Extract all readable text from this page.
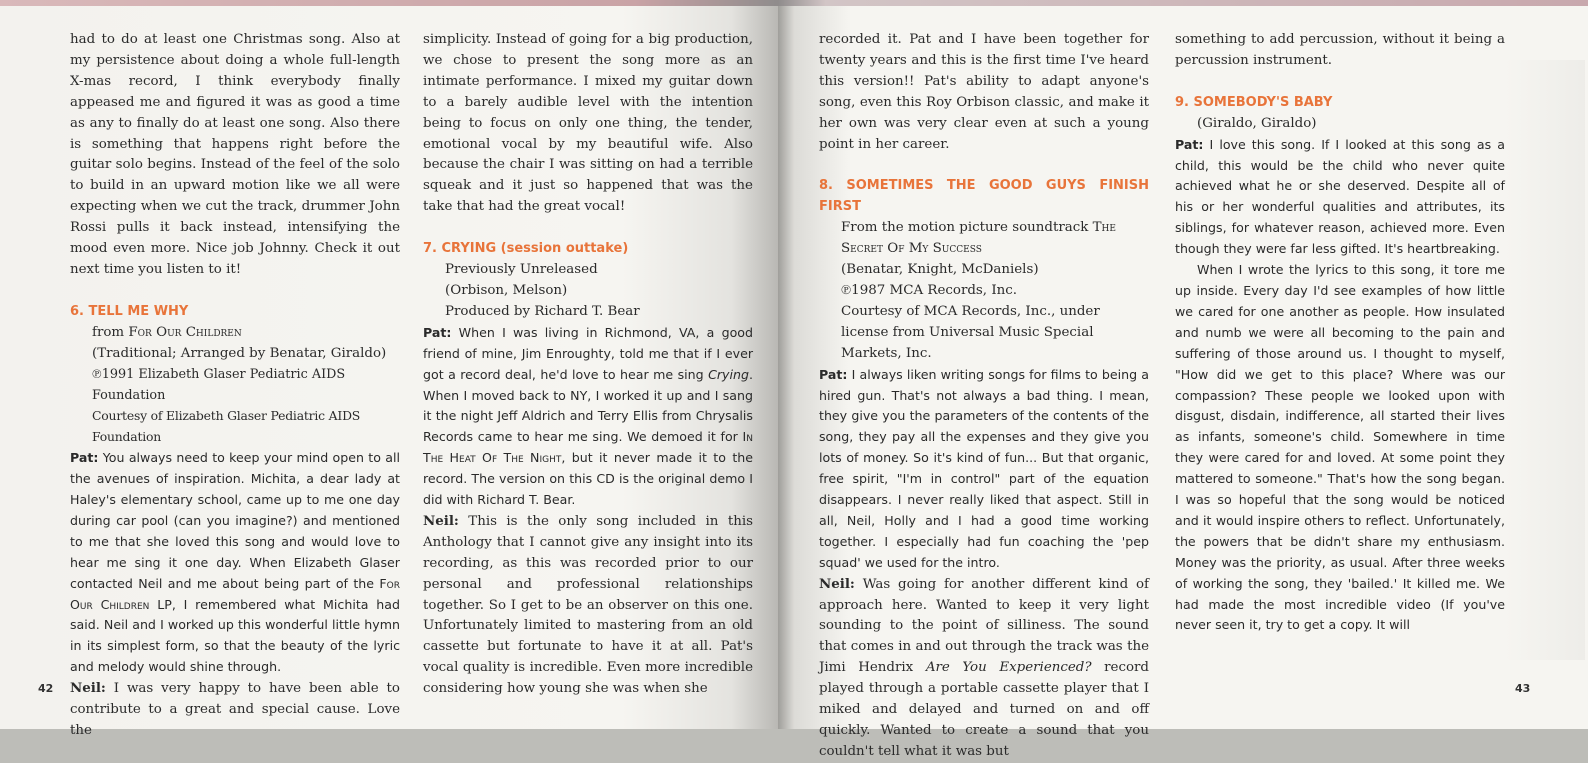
had to do at least one Christmas song. Also at my persistence about doing a whole full-length X-mas record, I think everybody finally appeased me and figured it was as good a time as any to finally do at least one song. Also there is something that happens right before the guitar solo begins. Instead of the feel of the solo to build in an upward motion like we all were expecting when we cut the track, drummer John Rossi pulls it back instead, intensifying the mood even more. Nice job Johnny. Check it out next time you listen to it!

6. TELL ME WHY

from For Our Children

(Traditional; Arranged by Benatar, Giraldo)

℗1991 Elizabeth Glaser Pediatric AIDS Foundation

Courtesy of Elizabeth Glaser Pediatric AIDS Foundation

Pat: You always need to keep your mind open to all the avenues of inspiration. Michita, a dear lady at Haley's elementary school, came up to me one day during car pool (can you imagine?) and mentioned to me that she loved this song and would love to hear me sing it one day. When Elizabeth Glaser contacted Neil and me about being part of the For Our Children LP, I remembered what Michita had said. Neil and I worked up this wonderful little hymn in its simplest form, so that the beauty of the lyric and melody would shine through.

Neil: I was very happy to have been able to contribute to a great and special cause. Love the

simplicity. Instead of going for a big production, we chose to present the song more as an intimate performance. I mixed my guitar down to a barely audible level with the intention being to focus on only one thing, the tender, emotional vocal by my beautiful wife. Also because the chair I was sitting on had a terrible squeak and it just so happened that was the take that had the great vocal!

7. CRYING (session outtake)

Previously Unreleased

(Orbison, Melson)

Produced by Richard T. Bear

Pat: When I was living in Richmond, VA, a good friend of mine, Jim Enroughty, told me that if I ever got a record deal, he'd love to hear me sing Crying. When I moved back to NY, I worked it up and I sang it the night Jeff Aldrich and Terry Ellis from Chrysalis Records came to hear me sing. We demoed it for In The Heat Of The Night, but it never made it to the record. The version on this CD is the original demo I did with Richard T. Bear.

Neil: This is the only song included in this Anthology that I cannot give any insight into its recording, as this was recorded prior to our personal and professional relationships together. So I get to be an observer on this one. Unfortunately limited to mastering from an old cassette but fortunate to have it at all. Pat's vocal quality is incredible. Even more incredible considering how young she was when she

recorded it. Pat and I have been together for twenty years and this is the first time I've heard this version!! Pat's ability to adapt anyone's song, even this Roy Orbison classic, and make it her own was very clear even at such a young point in her career.

8. SOMETIMES THE GOOD GUYS FINISH FIRST

From the motion picture soundtrack The Secret Of My Success

(Benatar, Knight, McDaniels)

℗1987 MCA Records, Inc.

Courtesy of MCA Records, Inc., under license from Universal Music Special Markets, Inc.

Pat: I always liken writing songs for films to being a hired gun. That's not always a bad thing. I mean, they give you the parameters of the contents of the song, they pay all the expenses and they give you lots of money. So it's kind of fun... But that organic, free spirit, "I'm in control" part of the equation disappears. I never really liked that aspect. Still in all, Neil, Holly and I had a good time working together. I especially had fun coaching the 'pep squad' we used for the intro.

Neil: Was going for another different kind of approach here. Wanted to keep it very light sounding to the point of silliness. The sound that comes in and out through the track was the Jimi Hendrix Are You Experienced? record played through a portable cassette player that I miked and delayed and turned on and off quickly. Wanted to create a sound that you couldn't tell what it was but

something to add percussion, without it being a percussion instrument.

9. SOMEBODY'S BABY

(Giraldo, Giraldo)

Pat: I love this song. If I looked at this song as a child, this would be the child who never quite achieved what he or she deserved. Despite all of his or her wonderful qualities and attributes, its siblings, for whatever reason, achieved more. Even though they were far less gifted. It's heartbreaking.

When I wrote the lyrics to this song, it tore me up inside. Every day I'd see examples of how little we cared for one another as people. How insulated and numb we were all becoming to the pain and suffering of those around us. I thought to myself, "How did we get to this place? Where was our compassion? These people we looked upon with disgust, disdain, indifference, all started their lives as infants, someone's child. Somewhere in time they were cared for and loved. At some point they mattered to someone." That's how the song began. I was so hopeful that the song would be noticed and it would inspire others to reflect. Unfortunately, the powers that be didn't share my enthusiasm. Money was the priority, as usual. After three weeks of working the song, they 'bailed.' It killed me. We had made the most incredible video (If you've never seen it, try to get a copy. It will

42	43
